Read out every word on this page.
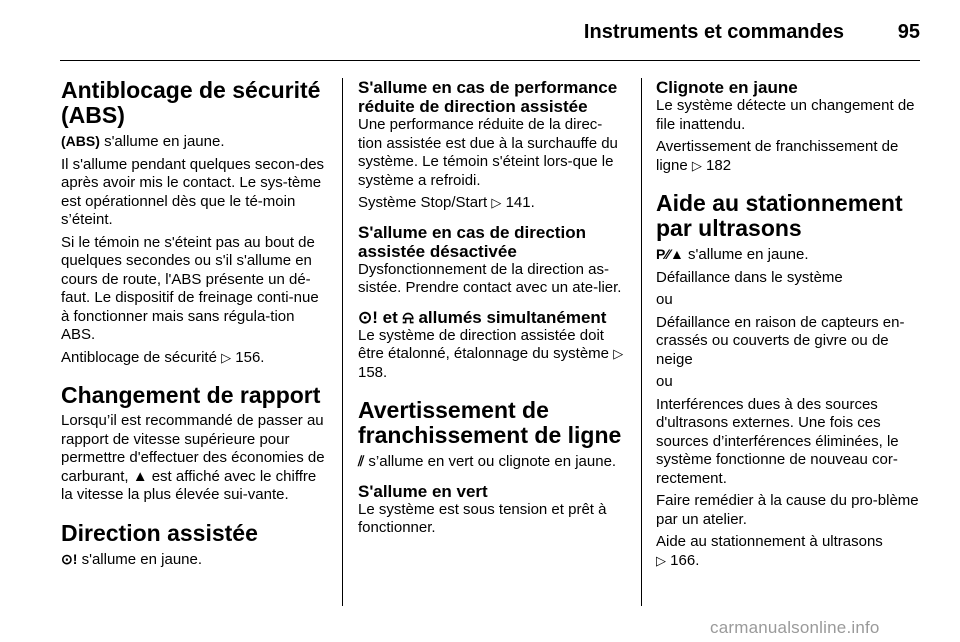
Instruments et commandes	95
Antiblocage de sécurité (ABS)

(ABS) s'allume en jaune.

Il s'allume pendant quelques secon-des après avoir mis le contact. Le sys-tème est opérationnel dès que le té-moin s’éteint.

Si le témoin ne s'éteint pas au bout de quelques secondes ou s'il s'allume en cours de route, l'ABS présente un dé-faut. Le dispositif de freinage conti-nue à fonctionner mais sans régula-tion ABS.

Antiblocage de sécurité ▷ 156.

Changement de rapport

Lorsqu’il est recommandé de passer au rapport de vitesse supérieure pour permettre d'effectuer des économies de carburant, ▲ est affiché avec le chiffre la vitesse la plus élevée sui-vante.

Direction assistée

⊙! s'allume en jaune.

S'allume en cas de performance réduite de direction assistée

Une performance réduite de la direc-tion assistée est due à la surchauffe du système. Le témoin s'éteint lors-que le système a refroidi.

Système Stop/Start ▷ 141.

S'allume en cas de direction assistée désactivée

Dysfonctionnement de la direction as-sistée. Prendre contact avec un ate-lier.

⊙! et ⍾ allumés simultanément

Le système de direction assistée doit être étalonné, étalonnage du système ▷ 158.

Avertissement de franchissement de ligne

⫽ s’allume en vert ou clignote en jaune.

S'allume en vert

Le système est sous tension et prêt à fonctionner.

Clignote en jaune

Le système détecte un changement de file inattendu.

Avertissement de franchissement de ligne ▷ 182

Aide au stationnement par ultrasons

P⁄⁄▲ s'allume en jaune.

Défaillance dans le système

ou

Défaillance en raison de capteurs en-crassés ou couverts de givre ou de neige

ou

Interférences dues à des sources d'ultrasons externes. Une fois ces sources d’interférences éliminées, le système fonctionne de nouveau cor-rectement.

Faire remédier à la cause du pro-blème par un atelier.

Aide au stationnement à ultrasons
▷ 166.

carmanualsonline.info
